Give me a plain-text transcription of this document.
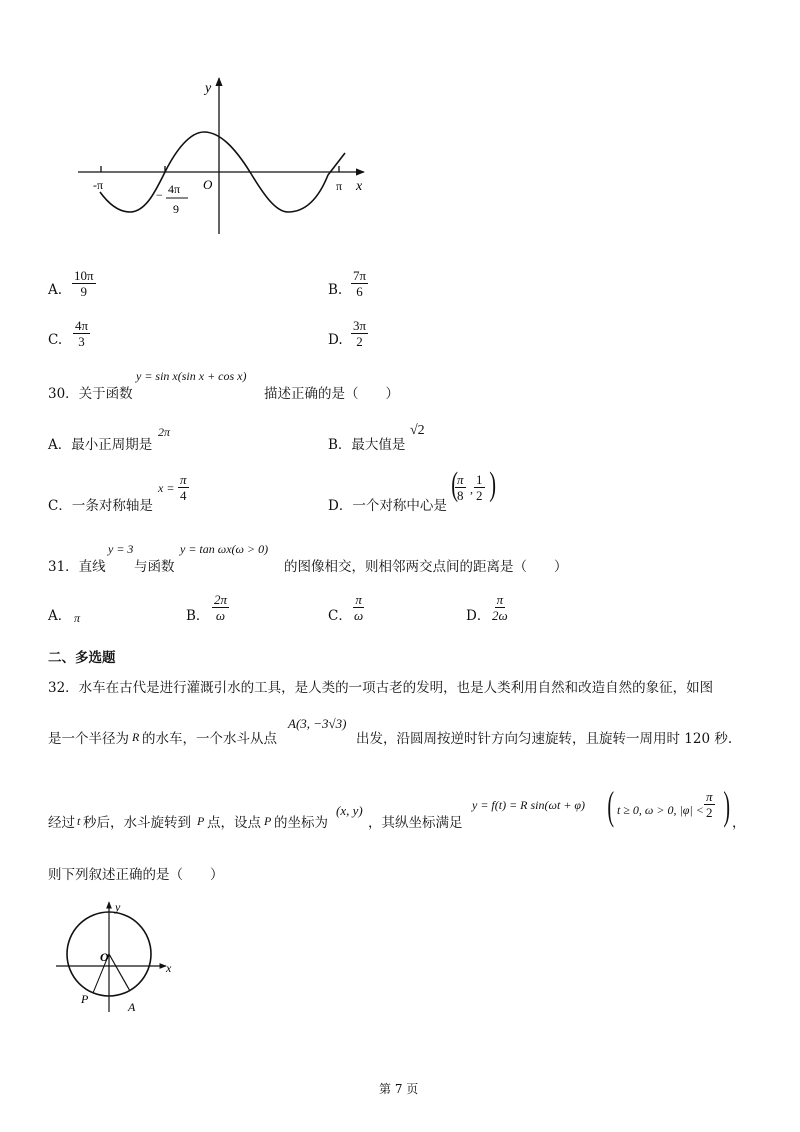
y
x
O
-π	π
− 4π
9
A. $\frac{10\pi}{9}$	B. $\frac{7\pi}{6}$
C. $\frac{4\pi}{3}$	D. $\frac{3\pi}{2}$
30．关于函数
y = sin x(sin x + cos x)
描述正确的是（　　）
A．最小正周期是
2π
B．最大值是
√2
C．一条对称轴是
$x = \frac{\pi}{4}$
D．一个对称中心是
(
$\frac{\pi}{8}$ , $\frac{1}{2}$ )
31．直线
y = 3
与函数
y = tan ωx(ω > 0)
的图像相交，则相邻两交点间的距离是（　　）
A． π	B． $\frac{2\pi}{\omega}$	C． $\frac{\pi}{\omega}$	D． $\frac{\pi}{2\omega}$
二、多选题
32．水车在古代是进行灌溉引水的工具，是人类的一项古老的发明，也是人类利用自然和改造自然的象征，如图
是一个半径为 R 的水车，一个水斗从点
A(3, −3√3)
出发，沿圆周按逆时针方向匀速旋转，且旋转一周用时 120 秒.
经过 t 秒后，水斗旋转到 P 点，设点 P 的坐标为
(x, y)
，其纵坐标满足
y = f(t) = R sin(ωt + φ) ( t ≥ 0, ω > 0, $|\varphi| < \frac{\pi}{2}$ ) ，
则下列叙述正确的是（　　）
y
x
O
P
A
第 7 页
